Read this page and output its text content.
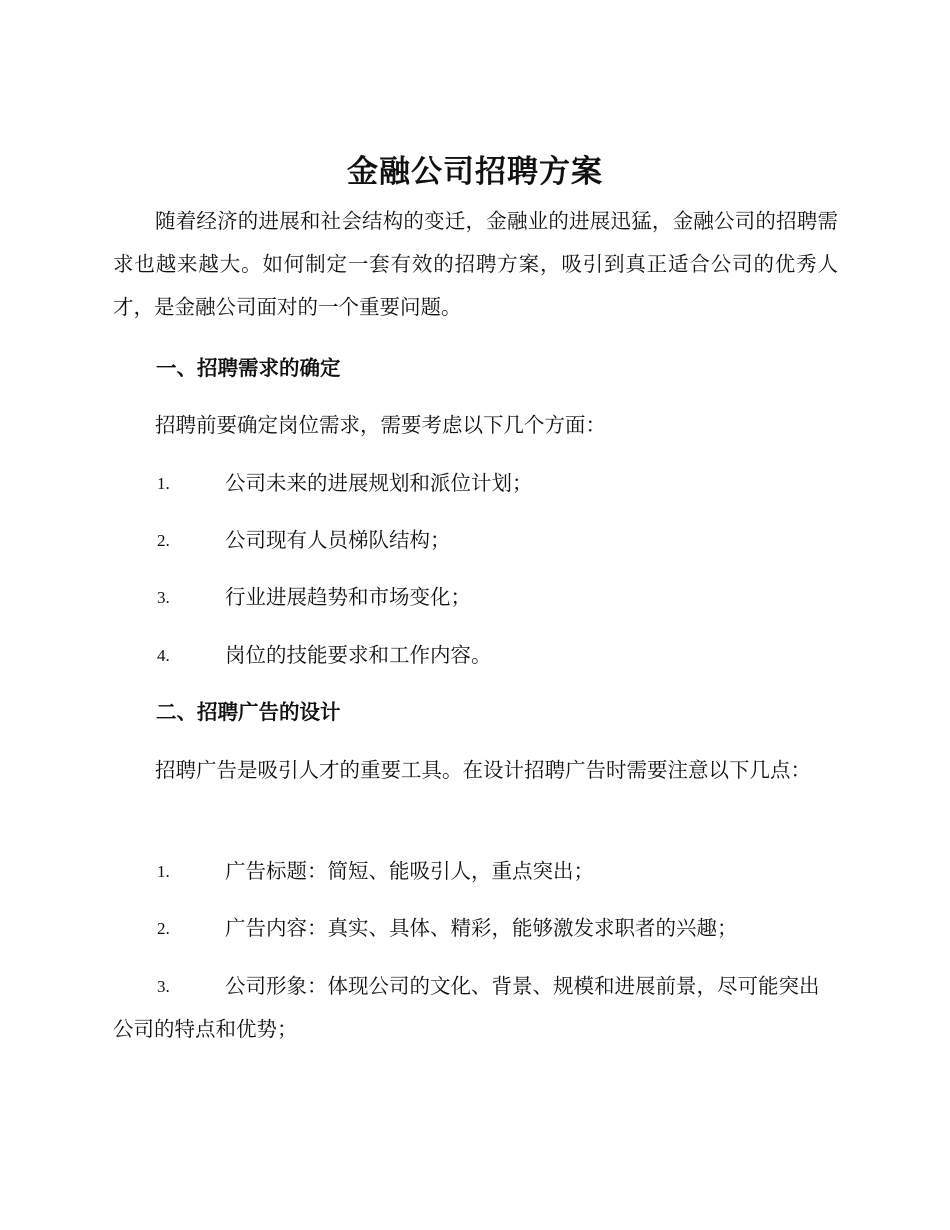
金融公司招聘方案

随着经济的进展和社会结构的变迁，金融业的进展迅猛，金融公司的招聘需求也越来越大。如何制定一套有效的招聘方案，吸引到真正适合公司的优秀人才，是金融公司面对的一个重要问题。

一、招聘需求的确定

招聘前要确定岗位需求，需要考虑以下几个方面：

1.	公司未来的进展规划和派位计划；
2.	公司现有人员梯队结构；
3.	行业进展趋势和市场变化；
4.	岗位的技能要求和工作内容。
二、招聘广告的设计

招聘广告是吸引人才的重要工具。在设计招聘广告时需要注意以下几点：

1.	广告标题：简短、能吸引人，重点突出；
2.	广告内容：真实、具体、精彩，能够激发求职者的兴趣；
3.	公司形象：体现公司的文化、背景、规模和进展前景，尽可能突出公司的特点和优势；
